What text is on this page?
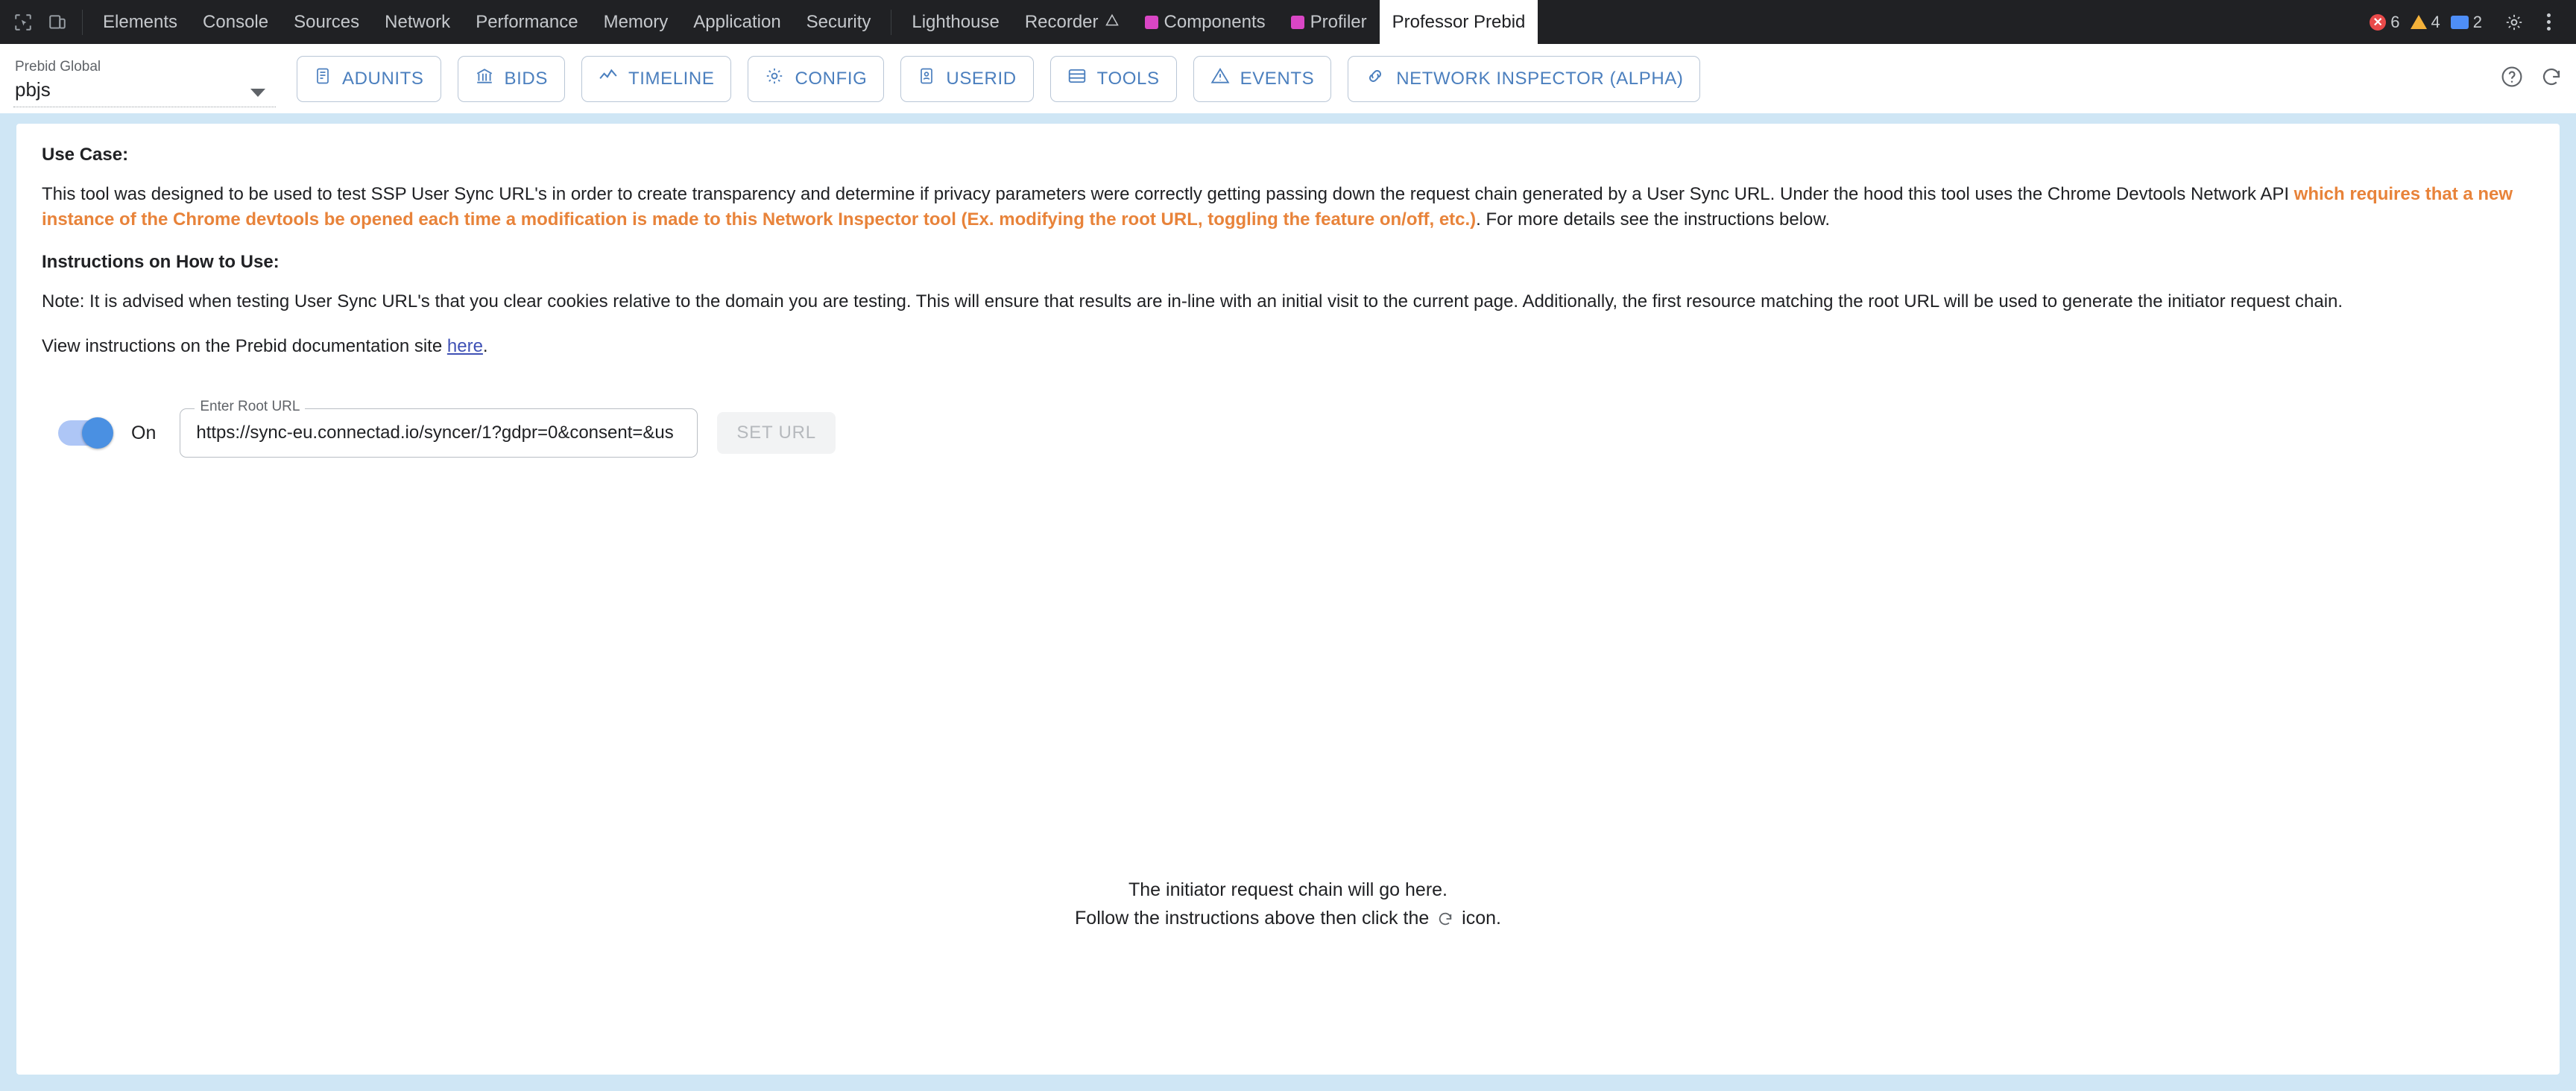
Elements Console Sources Network Performance Memory Application Security Lighthouse Recorder	Components	Profiler Professor Prebid	✕ 6 4 2
Prebid Global
pbjs	ADUNITS	BIDS	TIMELINE	CONFIG	USERID	TOOLS	EVENTS	NETWORK INSPECTOR (ALPHA)
Use Case:

This tool was designed to be used to test SSP User Sync URL's in order to create transparency and determine if privacy parameters were correctly getting passing down the request chain generated by a User Sync URL. Under the hood this tool uses the Chrome Devtools Network API which requires that a new instance of the Chrome devtools be opened each time a modification is made to this Network Inspector tool (Ex. modifying the root URL, toggling the feature on/off, etc.). For more details see the instructions below.

Instructions on How to Use:

Note: It is advised when testing User Sync URL's that you clear cookies relative to the domain you are testing. This will ensure that results are in-line with an initial visit to the current page. Additionally, the first resource matching the root URL will be used to generate the initiator request chain.

View instructions on the Prebid documentation site here.

On
Enter Root URL
https://sync-eu.connectad.io/syncer/1?gdpr=0&consent=&us	SET URL
The initiator request chain will go here.
Follow the instructions above then click the icon.
